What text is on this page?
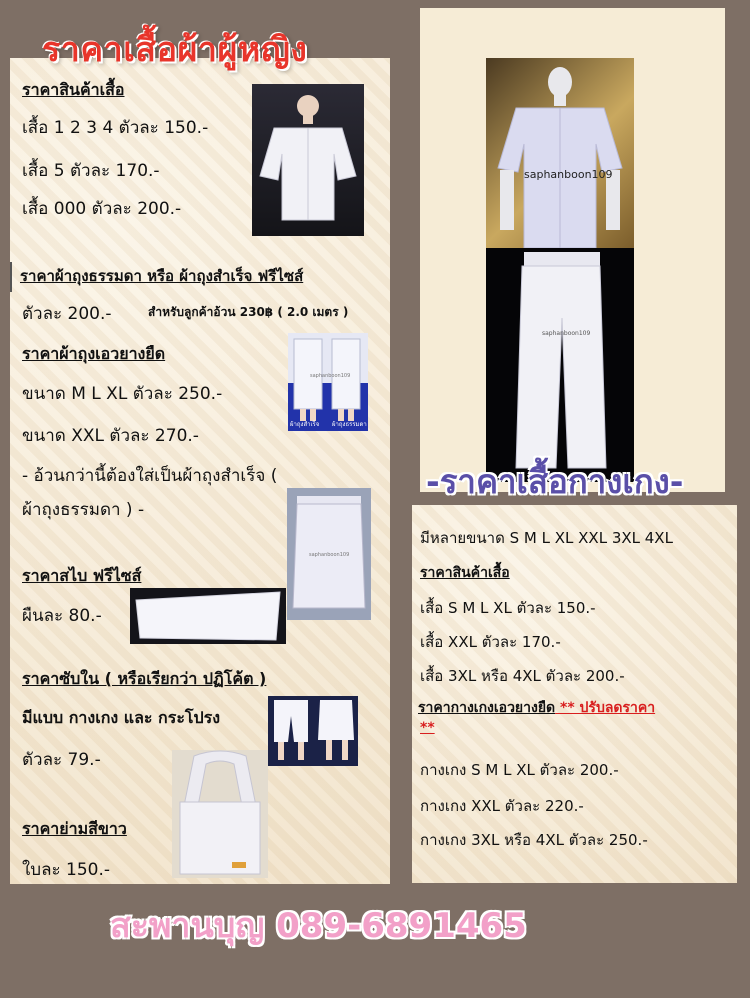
ราคาเสื้อผ้าผู้หญิง
ราคาสินค้าเสื้อ
เสื้อ 1 2 3 4 ตัวละ 150.-
เสื้อ 5 ตัวละ 170.-
เสื้อ 000 ตัวละ 200.-
ราคาผ้าถุงธรรมดา หรือ ผ้าถุงสำเร็จ ฟรีไซส์
ตัวละ 200.-	สำหรับลูกค้าอ้วน 230฿ ( 2.0 เมตร )
ราคาผ้าถุงเอวยางยืด
ขนาด M L XL ตัวละ 250.-
ขนาด XXL ตัวละ 270.-
- อ้วนกว่านี้ต้องใส่เป็นผ้าถุงสำเร็จ (
ผ้าถุงธรรมดา ) -
ราคาสไบ ฟรีไซส์
ผืนละ 80.-
ราคาซับใน ( หรือเรียกว่า ปฏิโค้ต )
มีแบบ กางเกง และ กระโปรง
ตัวละ 79.-
ราคาย่ามสีขาว
ใบละ 150.-
ผ้าถุงสำเร็จ ผ้าถุงธรรมดา
saphanboon109
saphanboon109
saphanboon109
saphanboon109
-ราคาเสื้อกางเกง-
มีหลายขนาด S M L XL XXL 3XL 4XL
ราคาสินค้าเสื้อ
เสื้อ S M L XL ตัวละ 150.-
เสื้อ XXL ตัวละ 170.-
เสื้อ 3XL หรือ 4XL ตัวละ 200.-
ราคากางเกงเอวยางยืด ** ปรับลดราคา
**
กางเกง S M L XL ตัวละ 200.-
กางเกง XXL ตัวละ 220.-
กางเกง 3XL หรือ 4XL ตัวละ 250.-
สะพานบุญ 089-6891465
